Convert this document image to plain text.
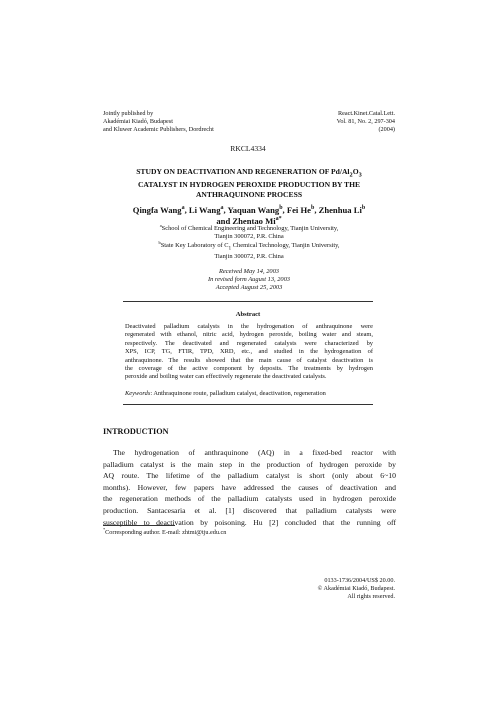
Jointly published by
Akadémiai Kiadó, Budapest
and Kluwer Academic Publishers, Dordrecht
React.Kinet.Catal.Lett.
Vol. 81, No. 2, 297-304
(2004)
RKCL4334
STUDY ON DEACTIVATION AND REGENERATION OF $Pd/Al_2O_3$
CATALYST IN HYDROGEN PEROXIDE PRODUCTION BY THE
ANTHRAQUINONE PROCESS
Qingfa Wang$^a$, Li Wang$^a$, Yaquan Wang$^b$, Fei He$^b$, Zhenhua Li$^b$
and Zhentao $Mi^{a*}$
$^a$School of Chemical Engineering and Technology, Tianjin University,
Tianjin 300072, P.R. China
$^b$State Key Laboratory of $C_1$ Chemical Technology, Tianjin University,
Tianjin 300072, P.R. China
Received May 14, 2003
In revised form August 13, 2003
Accepted August 25, 2003
Abstract
Deactivated palladium catalysts in the hydrogenation of anthraquinone were
regenerated with ethanol, nitric acid, hydrogen peroxide, boiling water and steam,
respectively. The deactivated and regenerated catalysts were characterized by
XPS, ICP, TG, FTIR, TPD, XRD, etc., and studied in the hydrogenation of
anthraquinone. The results showed that the main cause of catalyst deactivation is
the coverage of the active component by deposits. The treatments by hydrogen
peroxide and boiling water can effectively regenerate the deactivated catalysts.
Keywords: Anthraquinone route, palladium catalyst, deactivation, regeneration
INTRODUCTION
The hydrogenation of anthraquinone (AQ) in a fixed-bed reactor with
palladium catalyst is the main step in the production of hydrogen peroxide by
AQ route. The lifetime of the palladium catalyst is short (only about 6~10
months). However, few papers have addressed the causes of deactivation and
the regeneration methods of the palladium catalysts used in hydrogen peroxide
production. Santacesaria et al. [1] discovered that palladium catalysts were
susceptible to deactivation by poisoning. Hu [2] concluded that the running off
*Corresponding author. E-mail: zhtmi@tju.edu.cn
0133-1736/2004/US$ 20.00.
© Akadémiai Kiadó, Budapest.
All rights reserved.
